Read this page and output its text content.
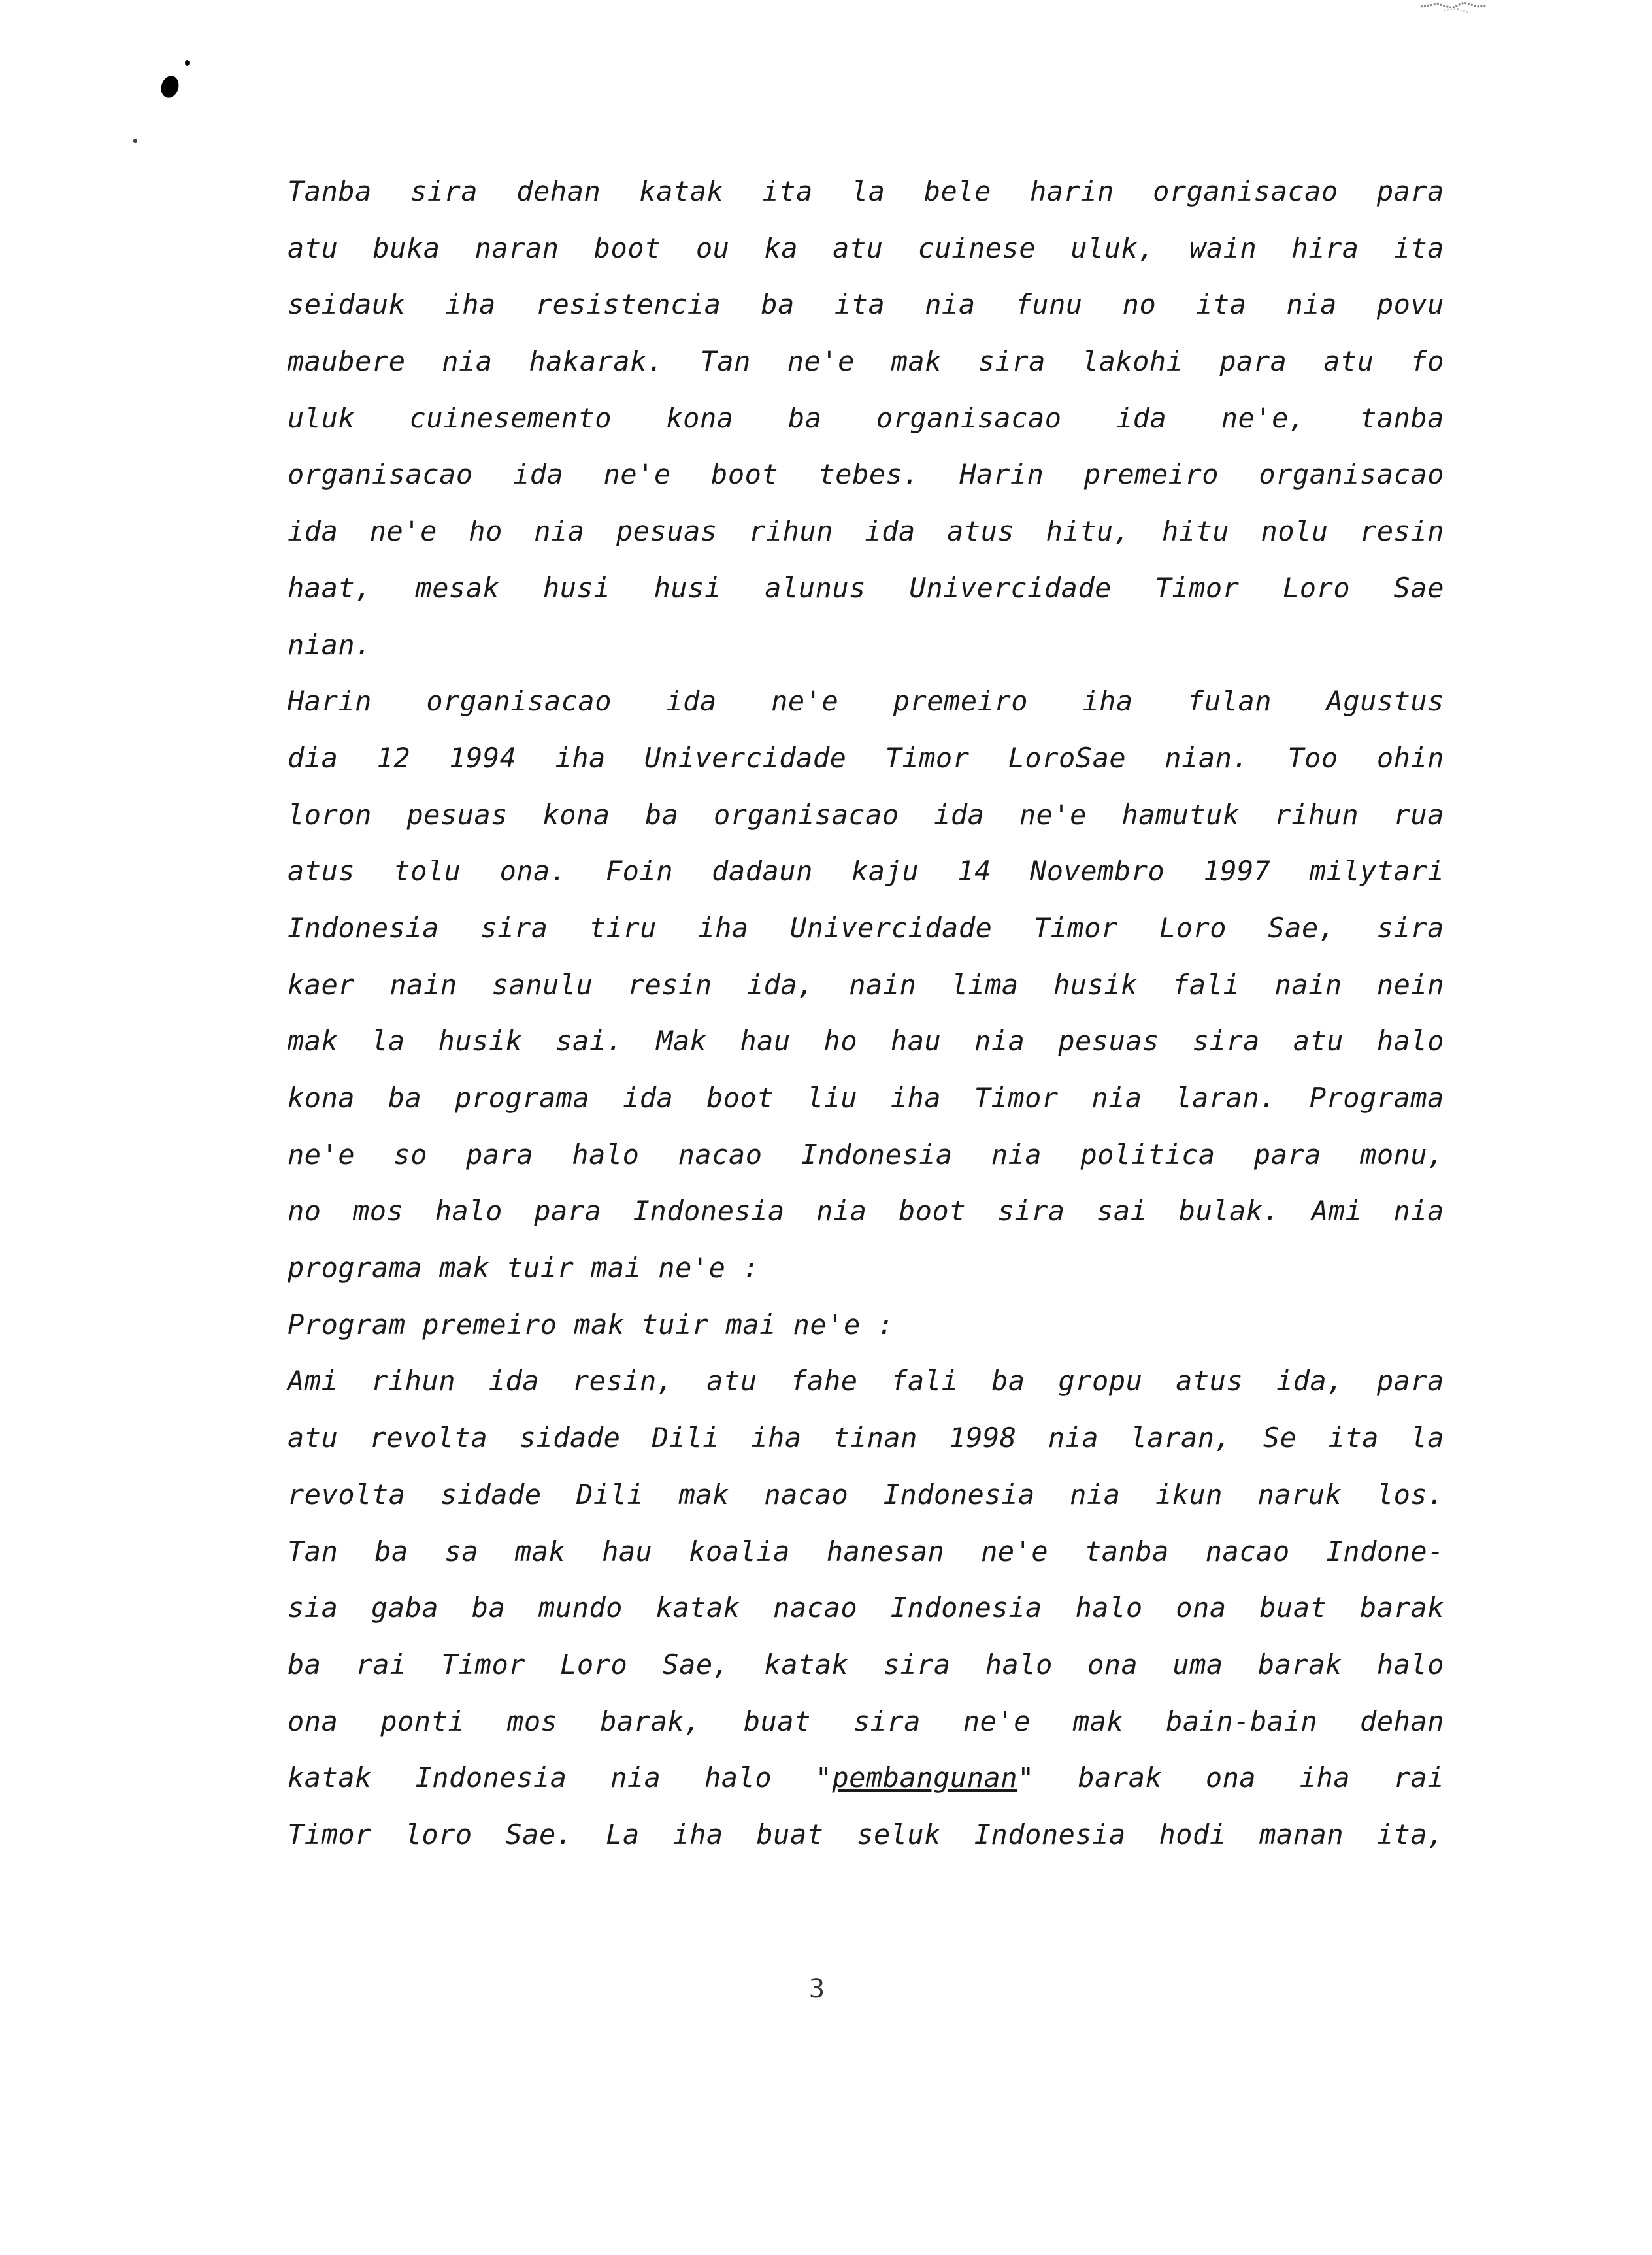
Tanba sira dehan katak ita la bele harin organisacao para
atu buka naran boot ou ka atu cuinese uluk, wain hira ita
seidauk iha resistencia ba ita nia funu no ita nia povu
maubere nia hakarak. Tan ne'e mak sira lakohi para atu fo
uluk cuinesemento kona ba organisacao ida ne'e, tanba
organisacao ida ne'e boot tebes. Harin premeiro organisacao
ida ne'e ho nia pesuas rihun ida atus hitu, hitu nolu resin
haat, mesak husi husi alunus Univercidade Timor Loro Sae
nian.
Harin organisacao ida ne'e premeiro iha fulan Agustus
dia 12 1994 iha Univercidade Timor LoroSae nian. Too ohin
loron pesuas kona ba organisacao ida ne'e hamutuk rihun rua
atus tolu ona. Foin dadaun kaju 14 Novembro 1997 milytari
Indonesia sira tiru iha Univercidade Timor Loro Sae, sira
kaer nain sanulu resin ida, nain lima husik fali nain nein
mak la husik sai. Mak hau ho hau nia pesuas sira atu halo
kona ba programa ida boot liu iha Timor nia laran. Programa
ne'e so para halo nacao Indonesia nia politica para monu,
no mos halo para Indonesia nia boot sira sai bulak. Ami nia
programa mak tuir mai ne'e :
Program premeiro mak tuir mai ne'e :
Ami rihun ida resin, atu fahe fali ba gropu atus ida, para
atu revolta sidade Dili iha tinan 1998 nia laran, Se ita la
revolta sidade Dili mak nacao Indonesia nia ikun naruk los.
Tan ba sa mak hau koalia hanesan ne'e tanba nacao Indone-
sia gaba ba mundo katak nacao Indonesia halo ona buat barak
ba rai Timor Loro Sae, katak sira halo ona uma barak halo
ona ponti mos barak, buat sira ne'e mak bain-bain dehan
katak Indonesia nia halo "pembangunan" barak ona iha rai
Timor loro Sae. La iha buat seluk Indonesia hodi manan ita,
3
